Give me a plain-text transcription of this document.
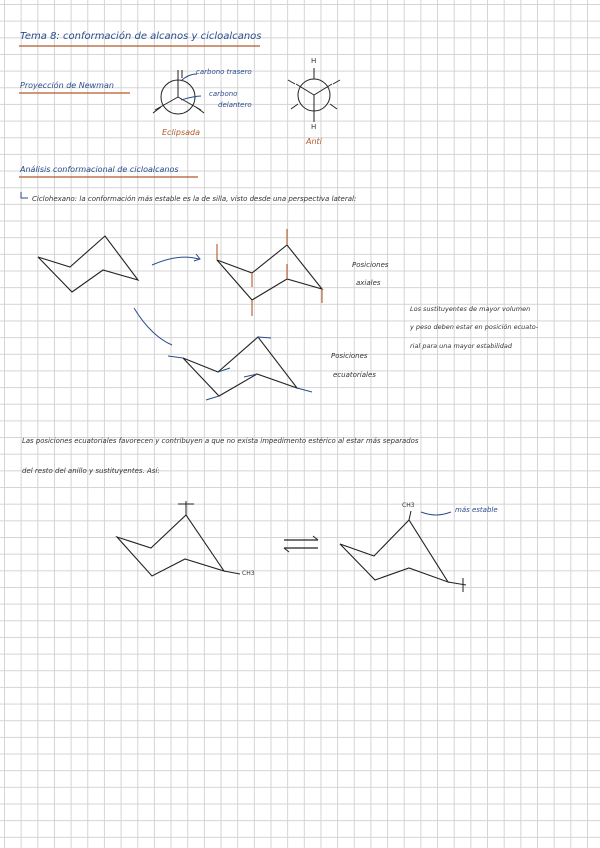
Tema 8: conformación de alcanos y cicloalcanos
Proyección de Newman
carbono trasero
carbono
delantero
Eclipsada
H
H
Anti
Análisis conformacional de cicloalcanos
Ciclohexano: la conformación más estable es la de silla, visto desde una perspectiva lateral:
Posiciones
axiales
Los sustituyentes de mayor volumen
y peso deben estar en posición ecuato-
rial para una mayor estabilidad
Posiciones
ecuatoriales
Las posiciones ecuatoriales favorecen y contribuyen a que no exista impedimento estérico al estar más separados
del resto del anillo y sustituyentes. Así:
CH3
CH3
más estable
